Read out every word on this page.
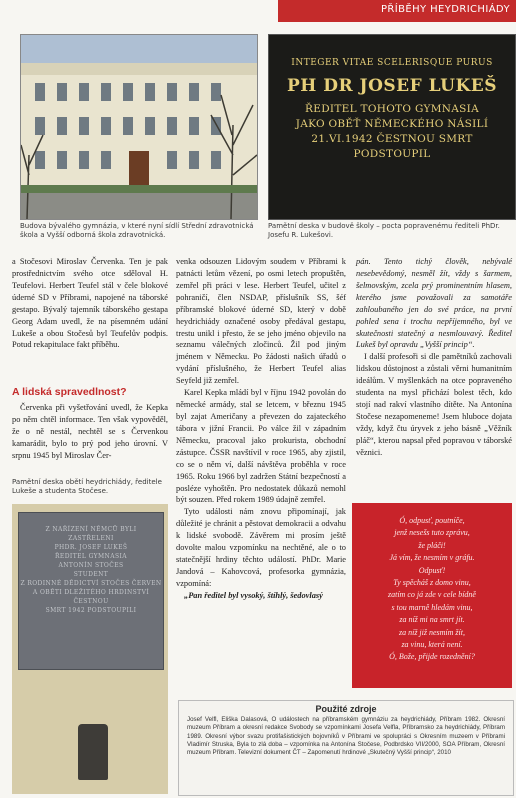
PŘÍBĚHY HEYDRICHIÁDY
INTEGER VITAE SCELERISQUE PURUS
PH DR JOSEF LUKEŠ
ŘEDITEL TOHOTO GYMNASIA
JAKO OBĚŤ NĚMECKÉHO NÁSILÍ
21.VI.1942 ČESTNOU SMRT PODSTOUPIL
Budova bývalého gymnázia, v které nyní sídlí Střední zdravotnická škola a Vyšší odborná škola zdravotnická.
Pamětní deska v budově školy – pocta popravenému řediteli PhDr. Josefu R. Lukešovi.

a Stočesovi Miroslav Červenka. Ten je pak prostřednictvím svého otce sděloval H. Teufelovi. Herbert Teufel stál v čele blokové úderné SD v Příbrami, napojené na táborské gestapo. Bývalý tajemník táborského gestapa Georg Adam uvedl, že na písemném udání Lukeše a obou Stočesů byl Teufelův podpis. Potud rekapitulace fakt příběhu.

A lidská spravedlnost?

Červenka při vyšetřování uvedl, že Kepka po něm chtěl informace. Ten však vypověděl, že o ně nestál, nechtěl se s Červenkou kamarádit, bylo to prý pod jeho úrovní. V srpnu 1945 byl Miroslav Čer-

Pamětní deska obětí heydrichiády, ředitele Lukeše a studenta Stočese.
Z NAŘÍZENÍ NĚMCŮ BYLI
ZASTŘELENI
PHDR. JOSEF LUKEŠ
ŘEDITEL GYMNASIA
ANTONÍN STOČES
STUDENT
Z RODINNÉ DĚDICTVÍ STOČES ČERVEN
A OBĚTI DLEŽITÉHO HRDINSTVÍ ČESTNOU
SMRT 1942 PODSTOUPILI

venka odsouzen Lidovým soudem v Příbrami k patnácti letům vězení, po osmi letech propuštěn, zemřel při práci v lese. Herbert Teufel, učitel z pohraničí, člen NSDAP, příslušník SS, šéf příbramské blokové úderné SD, který v době heydrichiády označené osoby předával gestapu, trestu unikl i přesto, že se jeho jméno objevilo na seznamu válečných zločinců. Žil pod jiným jménem v Německu. Po žádosti našich úřadů o vydání příslušného, že Herbert Teufel alias Seyfeld již zemřel.

Karel Kepka mládí byl v říjnu 1942 povolán do německé armády, stal se letcem, v březnu 1945 byl zajat Američany a převezen do zajateckého tábora v jižní Francii. Po válce žil v západním Německu, pracoval jako prokurista, obchodní zástupce. ČSSR navštívil v roce 1965, aby zjistil, co se o něm ví, další návštěva proběhla v roce 1965. Roku 1966 byl zadržen Státní bezpečností a posléze vyhoštěn. Pro nedostatek důkazů nemohl být souzen. Před rokem 1989 údajně zemřel.

Tyto události nám znovu připomínají, jak důležité je chránit a pěstovat demokracii a odvahu k lidské svobodě. Závěrem mi prosím ještě dovolte malou vzpomínku na nechtěné, ale o to statečnější hrdiny těchto událostí. PhDr. Marie Jandová – Kahovcová, profesorka gymnázia, vzpomíná:

„Pan ředitel byl vysoký, štíhlý, šedovlasý

pán. Tento tichý člověk, nebývalé nesebevědomý, nesměl žít, vždy s šarmem, šelmovským, zcela prý prominentním hlasem, kterého jsme považovali za samotáře zahloubaného jen do své práce, na první pohled sena i trochu nepříjemného, byl ve skutečnosti statečný a nesmlouvavý. Ředitel Lukeš byl opravdu „Vyšší princip“.

I další profesoři si dle pamětníků zachovali lidskou důstojnost a zůstali věrni humanitním ideálům. V myšlenkách na otce popraveného studenta na mysl přichází bolest těch, kdo stojí nad rakví vlastního dítěte. Na Antonína Stočese nezapomeneme! Jsem hluboce dojata vždy, když čtu úryvek z jeho básně „Věžník pláč“, kterou napsal před popravou v táborské věznici.

Ó, odpusť, poutníče,
jenž nesešs tuto zprávu,
že pláči!
Já vím, že nesmím v gráfu.
Odpusť!
Ty spěcháš z domo vinu,
zatím co já zde v cele bídně
s tou marně hledám vinu,
za níž mi na smrt jít.
za níž již nesmím žít,
za vinu, která není.
Ó, Bože, přijde rozednění?
Použité zdroje
Josef Velfl, Eliška Dalasová, O událostech na příbramském gymnáziu za heydrichiády, Příbram 1982. Okresní muzeum Příbram a okresní redakce Svobody se vzpomínkami Josefa Velfla, Příbramsko za heydrichiády, Příbram 1989. Okresní výbor svazu protifašistických bojovníků v Příbrami ve spolupráci s Okresním muzeem v Příbrami Vladimír Struska, Byla to zlá doba – vzpomínka na Antonína Stočese, Podbrdsko VII/2000, SOA Příbram, Okresní muzeum Příbram. Televizní dokument ČT – Zapomenutí hrdinové „Skutečný Vyšší princip“, 2010
